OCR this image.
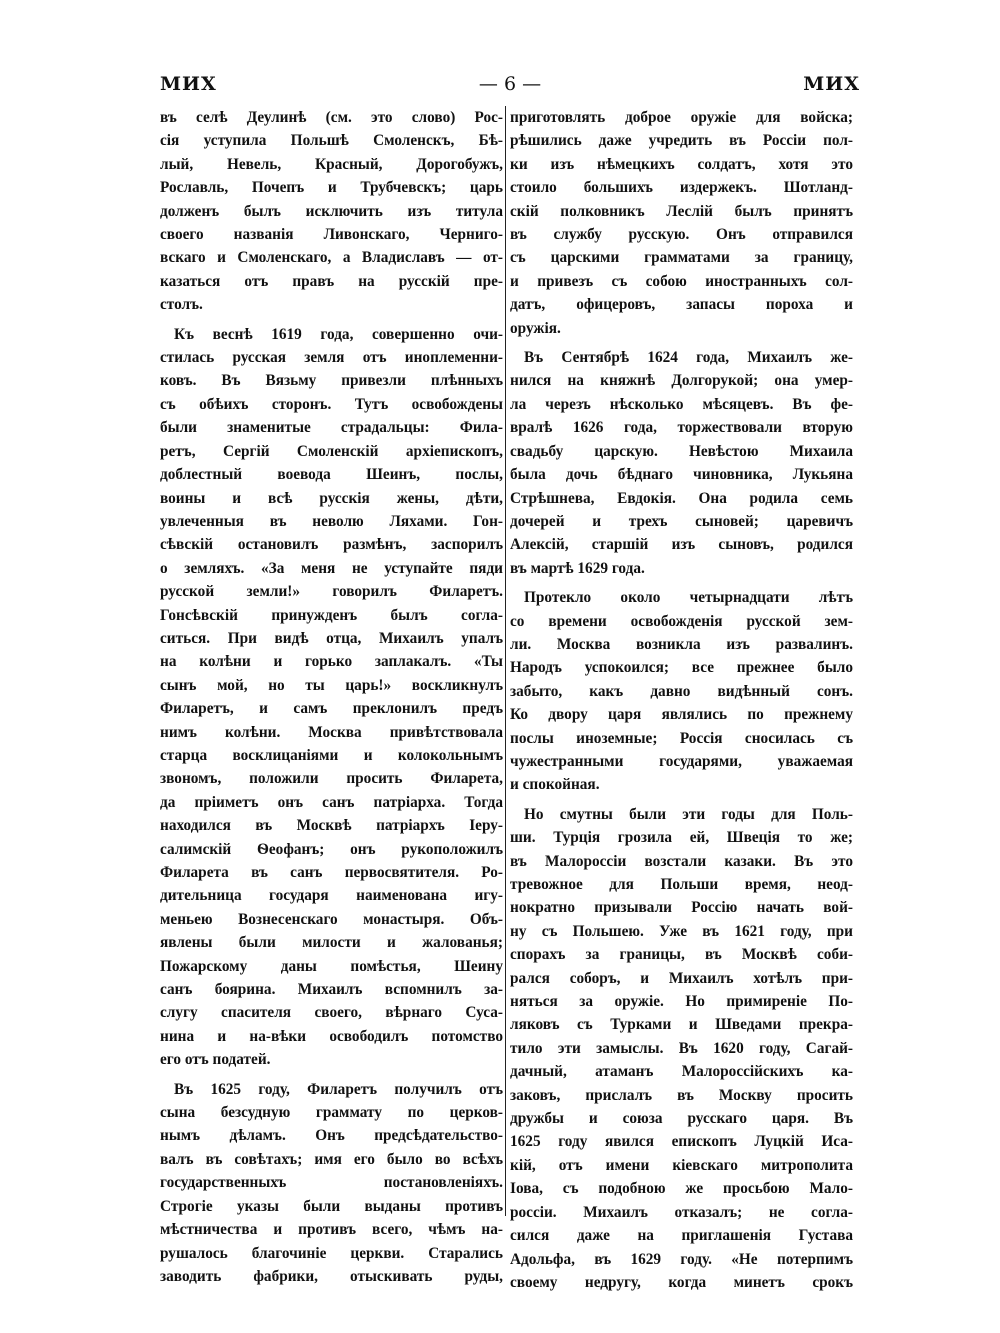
МИХ	— 6 —	МИХ

въ селѣ Деулинѣ (см. это слово) Рос-
сія уступила Польшѣ Смоленскъ, Бѣ-
лый, Невель, Красный, Дорогобужъ,
Рославль, Почепъ и Трубчевскъ; царь
долженъ былъ исключить изъ титула
своего названія Ливонскаго, Черниго-
вскаго и Смоленскаго, а Владиславъ — от-
казаться отъ правъ на русскій пре-
столъ.

Къ веснѣ 1619 года, совершенно очи-
стилась русская земля отъ иноплеменни-
ковъ. Въ Вязьму привезли плѣнныхъ
съ обѣихъ сторонъ. Тутъ освобождены
были знаменитые страдальцы: Фила-
ретъ, Сергій Смоленскій архіепископъ,
доблестный воевода Шеинъ, послы,
воины и всѣ русскія жены, дѣти,
увлеченныя въ неволю Ляхами. Гон-
сѣвскій остановилъ размѣнъ, заспорилъ
о земляхъ. «За меня не уступайте пяди
русской земли!» говорилъ Филаретъ.
Гонсѣвскій принужденъ былъ согла-
ситься. При видѣ отца, Михаилъ упалъ
на колѣни и горько заплакалъ. «Ты
сынъ мой, но ты царь!» воскликнулъ
Филаретъ, и самъ преклонилъ предъ
нимъ колѣни. Москва привѣтствовала
старца восклицаніями и колокольнымъ
звономъ, положили просить Филарета,
да пріиметъ онъ санъ патріарха. Тогда
находился въ Москвѣ патріархъ Іеру-
салимскій Ѳеофанъ; онъ рукоположилъ
Филарета въ санъ первосвятителя. Ро-
дительница государя наименована игу-
меньею Вознесенскаго монастыря. Объ-
явлены были милости и жалованья;
Пожарскому даны помѣстья, Шеину
санъ боярина. Михаилъ вспомнилъ за-
слугу спасителя своего, вѣрнаго Суса-
нина и на-вѣки освободилъ потомство
его отъ податей.

Въ 1625 году, Филаретъ получилъ отъ
сына безсудную граммату по церков-
нымъ дѣламъ. Онъ предсѣдательство-
валъ въ совѣтахъ; имя его было во всѣхъ
государственныхъ постановленіяхъ.
Строгіе указы были выданы противъ
мѣстничества и противъ всего, чѣмъ на-
рушалось благочиніе церкви. Старались
заводить фабрики, отыскивать руды,

приготовлять доброе оружіе для войска;
рѣшились даже учредить въ Россіи пол-
ки изъ нѣмецкихъ солдатъ, хотя это
стоило большихъ издержекъ. Шотланд-
скій полковникъ Леслій былъ принятъ
въ службу русскую. Онъ отправился
съ царскими грамматами за границу,
и привезъ съ собою иностранныхъ сол-
датъ, офицеровъ, запасы пороха и
оружія.

Въ Сентябрѣ 1624 года, Михаилъ же-
нился на княжнѣ Долгорукой; она умер-
ла черезъ нѣсколько мѣсяцевъ. Въ фе-
вралѣ 1626 года, торжествовали вторую
свадьбу царскую. Невѣстою Михаила
была дочь бѣднаго чиновника, Лукьяна
Стрѣшнева, Евдокія. Она родила семь
дочерей и трехъ сыновей; царевичъ
Алексій, старшій изъ сыновъ, родился
въ мартѣ 1629 года.

Протекло около четырнадцати лѣтъ
со времени освобожденія русской зем-
ли. Москва возникла изъ развалинъ.
Народъ успокоился; все прежнее было
забыто, какъ давно видѣнный сонъ.
Ко двору царя являлись по прежнему
послы иноземные; Россія сносилась съ
чужестранными государями, уважаемая
и спокойная.

Но смутны были эти годы для Поль-
ши. Турція грозила ей, Швеція то же;
въ Малороссіи возстали казаки. Въ это
тревожное для Польши время, неод-
нократно призывали Россію начать вой-
ну съ Польшею. Уже въ 1621 году, при
спорахъ за границы, въ Москвѣ соби-
рался соборъ, и Михаилъ хотѣлъ при-
няться за оружіе. Но примиреніе По-
ляковъ съ Турками и Шведами прекра-
тило эти замыслы. Въ 1620 году, Сагай-
дачный, атаманъ Малороссійскихъ ка-
заковъ, прислалъ въ Москву просить
дружбы и союза русскаго царя. Въ
1625 году явился епископъ Луцкій Иса-
кій, отъ имени кіевскаго митрополита
Іова, съ подобною же просьбою Мало-
россіи. Михаилъ отказалъ; не согла-
сился даже на приглашенія Густава
Адольфа, въ 1629 году. «Не потерпимъ
своему недругу, когда минетъ срокъ
